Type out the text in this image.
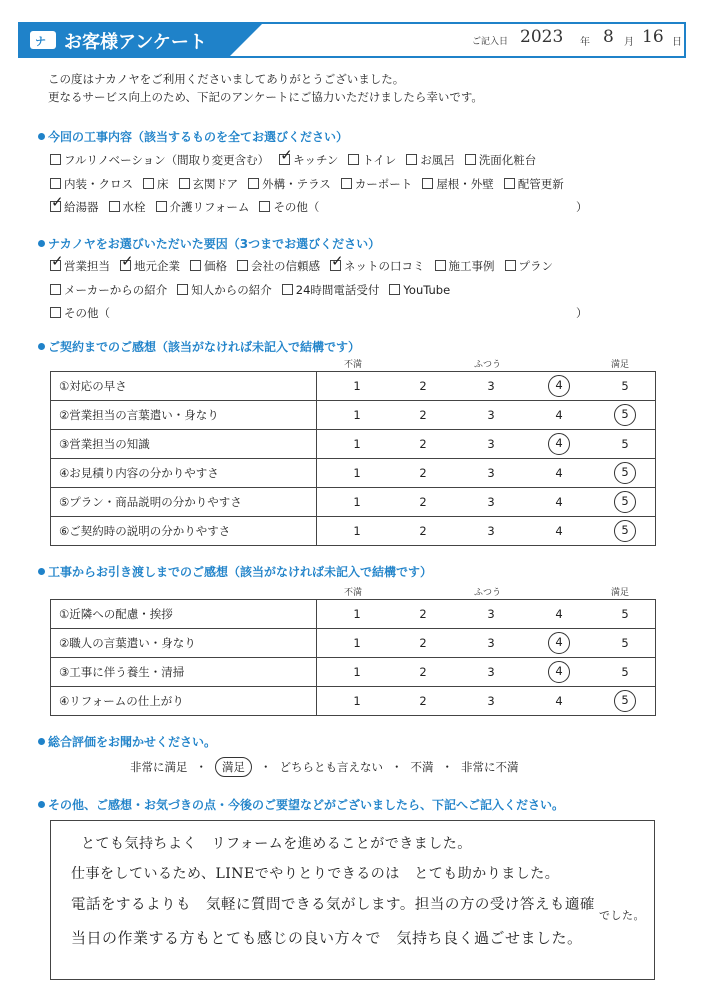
ナ お客様アンケート	ご記入日 2023 年 8 月 16 日
この度はナカノヤをご利用くださいましてありがとうございました。
更なるサービス向上のため、下記のアンケートにご協力いただけましたら幸いです。
今回の工事内容（該当するものを全てお選びください）
フルリノベーション（間取り変更含む） ✓ キッチン トイレ お風呂 洗面化粧台
内装・クロス 床 玄関ドア 外構・テラス カーポート 屋根・外壁 配管更新
✓給湯器 水栓 介護リフォーム その他（	）
ナカノヤをお選びいただいた要因（3つまでお選びください）
✓営業担当 ✓ 地元企業 価格 会社の信頼感 ✓ ネットの口コミ 施工事例 プラン
メーカーからの紹介 知人からの紹介 24時間電話受付 YouTube
その他（	）
ご契約までのご感想（該当がなければ未記入で結構です）
不満	ふつう	満足
①対応の早さ	1 2 3 4 5

②営業担当の言葉遣い・身なり	1 2 3 4 5

③営業担当の知識	1 2 3 4 5

④お見積り内容の分かりやすさ	1 2 3 4 5

⑤プラン・商品説明の分かりやすさ	1 2 3 4 5

⑥ご契約時の説明の分かりやすさ	1 2 3 4 5
工事からお引き渡しまでのご感想（該当がなければ未記入で結構です）
不満	ふつう	満足
①近隣への配慮・挨拶	1 2 3 4 5

②職人の言葉遣い・身なり	1 2 3 4 5

③工事に伴う養生・清掃	1 2 3 4 5

④リフォームの仕上がり	1 2 3 4 5
総合評価をお聞かせください。
非常に満足 ・ 満足 ・ どちらとも言えない ・ 不満 ・ 非常に不満
その他、ご感想・お気づきの点・今後のご要望などがございましたら、下記へご記入ください。
とても気持ちよく　リフォームを進めることができました。
仕事をしているため、LINEでやりとりできるのは　とても助かりました。
電話をするよりも　気軽に質問できる気がします。担当の方の受け答えも適確
でした。
当日の作業する方もとても感じの良い方々で　気持ち良く過ごせました。
